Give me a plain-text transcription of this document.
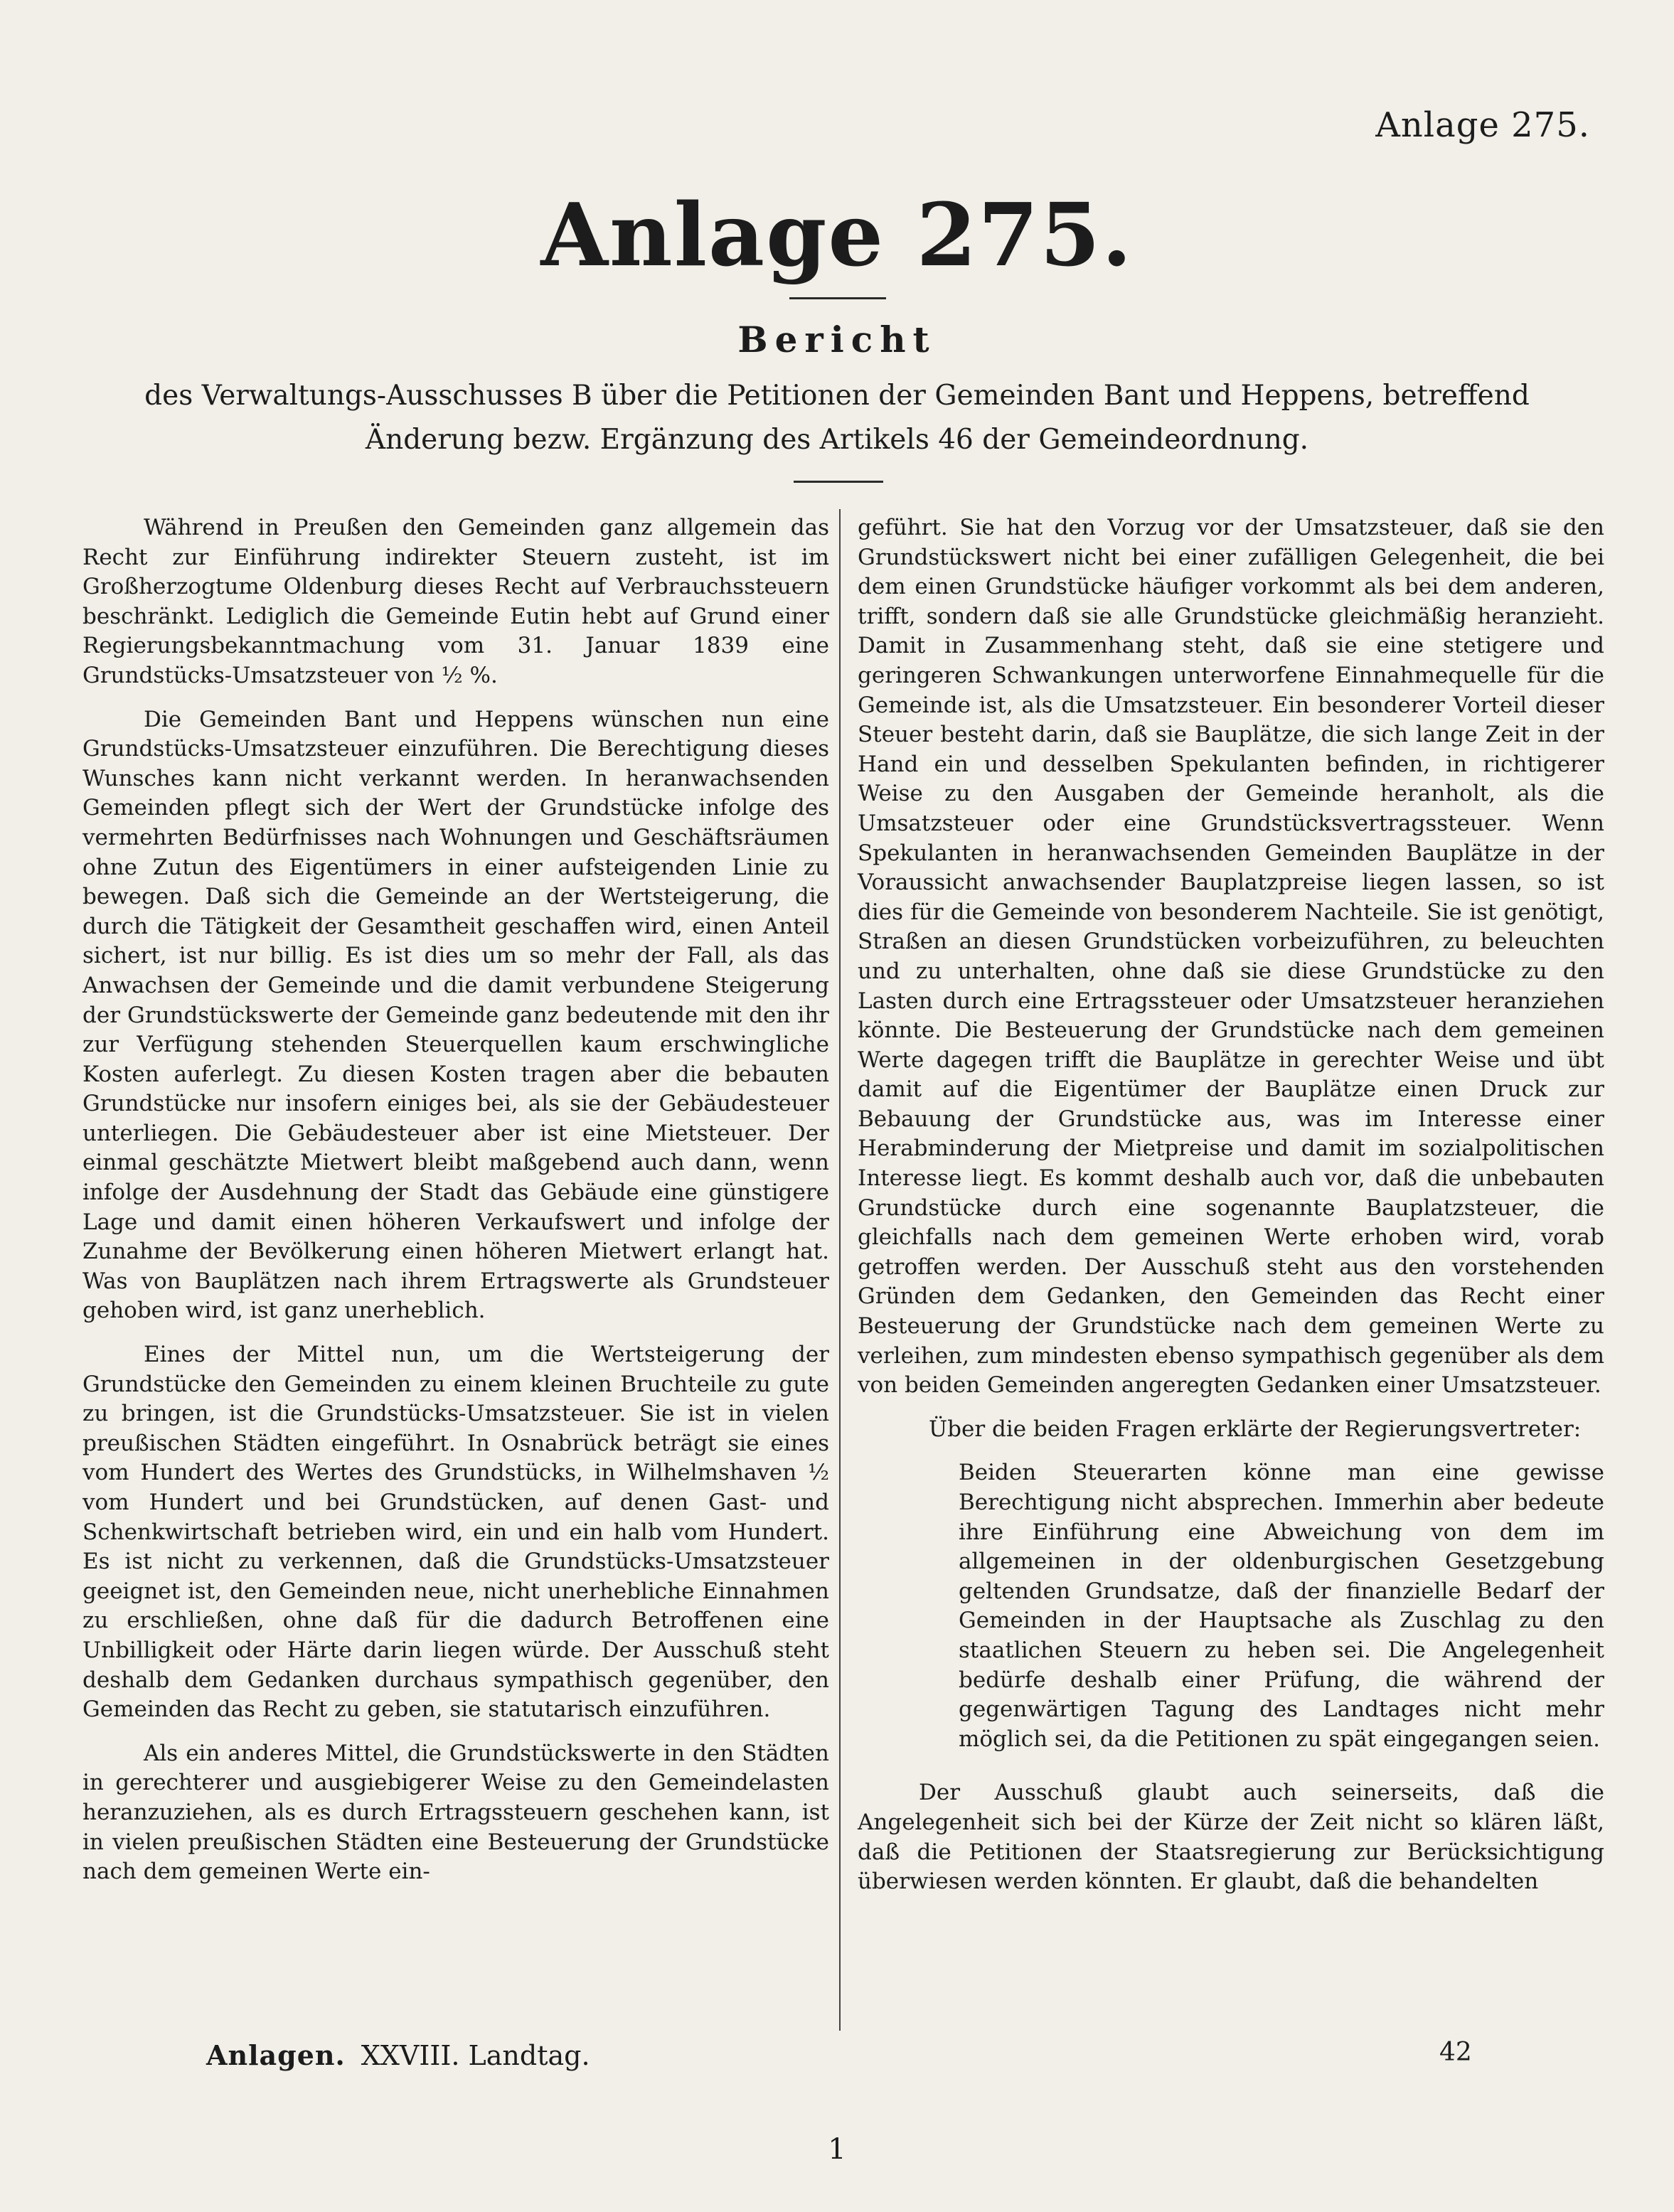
Anlage 275.
Anlage 275.
Bericht
des Verwaltungs-Ausschusses B über die Petitionen der Gemeinden Bant und Heppens, betreffend Änderung bezw. Ergänzung des Artikels 46 der Gemeindeordnung.

Während in Preußen den Gemeinden ganz allgemein das Recht zur Einführung indirekter Steuern zusteht, ist im Großherzogtume Oldenburg dieses Recht auf Verbrauchssteuern beschränkt. Lediglich die Gemeinde Eutin hebt auf Grund einer Regierungsbekanntmachung vom 31. Januar 1839 eine Grundstücks-Umsatzsteuer von ½ %.

Die Gemeinden Bant und Heppens wünschen nun eine Grundstücks-Umsatzsteuer einzuführen. Die Berechtigung dieses Wunsches kann nicht verkannt werden. In heranwachsenden Gemeinden pflegt sich der Wert der Grundstücke infolge des vermehrten Bedürfnisses nach Wohnungen und Geschäftsräumen ohne Zutun des Eigentümers in einer aufsteigenden Linie zu bewegen. Daß sich die Gemeinde an der Wertsteigerung, die durch die Tätigkeit der Gesamtheit geschaffen wird, einen Anteil sichert, ist nur billig. Es ist dies um so mehr der Fall, als das Anwachsen der Gemeinde und die damit verbundene Steigerung der Grundstückswerte der Gemeinde ganz bedeutende mit den ihr zur Verfügung stehenden Steuerquellen kaum erschwingliche Kosten auferlegt. Zu diesen Kosten tragen aber die bebauten Grundstücke nur insofern einiges bei, als sie der Gebäudesteuer unterliegen. Die Gebäudesteuer aber ist eine Mietsteuer. Der einmal geschätzte Mietwert bleibt maßgebend auch dann, wenn infolge der Ausdehnung der Stadt das Gebäude eine günstigere Lage und damit einen höheren Verkaufswert und infolge der Zunahme der Bevölkerung einen höheren Mietwert erlangt hat. Was von Bauplätzen nach ihrem Ertragswerte als Grundsteuer gehoben wird, ist ganz unerheblich.

Eines der Mittel nun, um die Wertsteigerung der Grundstücke den Gemeinden zu einem kleinen Bruchteile zu gute zu bringen, ist die Grundstücks-Umsatzsteuer. Sie ist in vielen preußischen Städten eingeführt. In Osnabrück beträgt sie eines vom Hundert des Wertes des Grundstücks, in Wilhelmshaven ½ vom Hundert und bei Grundstücken, auf denen Gast- und Schenkwirtschaft betrieben wird, ein und ein halb vom Hundert. Es ist nicht zu verkennen, daß die Grundstücks-Umsatzsteuer geeignet ist, den Gemeinden neue, nicht unerhebliche Einnahmen zu erschließen, ohne daß für die dadurch Betroffenen eine Unbilligkeit oder Härte darin liegen würde. Der Ausschuß steht deshalb dem Gedanken durchaus sympathisch gegenüber, den Gemeinden das Recht zu geben, sie statutarisch einzuführen.

Als ein anderes Mittel, die Grundstückswerte in den Städten in gerechterer und ausgiebigerer Weise zu den Gemeindelasten heranzuziehen, als es durch Ertragssteuern geschehen kann, ist in vielen preußischen Städten eine Besteuerung der Grundstücke nach dem gemeinen Werte ein-

geführt. Sie hat den Vorzug vor der Umsatzsteuer, daß sie den Grundstückswert nicht bei einer zufälligen Gelegenheit, die bei dem einen Grundstücke häufiger vorkommt als bei dem anderen, trifft, sondern daß sie alle Grundstücke gleichmäßig heranzieht. Damit in Zusammenhang steht, daß sie eine stetigere und geringeren Schwankungen unterworfene Einnahmequelle für die Gemeinde ist, als die Umsatzsteuer. Ein besonderer Vorteil dieser Steuer besteht darin, daß sie Bauplätze, die sich lange Zeit in der Hand ein und desselben Spekulanten befinden, in richtigerer Weise zu den Ausgaben der Gemeinde heranholt, als die Umsatzsteuer oder eine Grundstücksvertragssteuer. Wenn Spekulanten in heranwachsenden Gemeinden Bauplätze in der Voraussicht anwachsender Bauplatzpreise liegen lassen, so ist dies für die Gemeinde von besonderem Nachteile. Sie ist genötigt, Straßen an diesen Grundstücken vorbeizuführen, zu beleuchten und zu unterhalten, ohne daß sie diese Grundstücke zu den Lasten durch eine Ertragssteuer oder Umsatzsteuer heranziehen könnte. Die Besteuerung der Grundstücke nach dem gemeinen Werte dagegen trifft die Bauplätze in gerechter Weise und übt damit auf die Eigentümer der Bauplätze einen Druck zur Bebauung der Grundstücke aus, was im Interesse einer Herabminderung der Mietpreise und damit im sozialpolitischen Interesse liegt. Es kommt deshalb auch vor, daß die unbebauten Grundstücke durch eine sogenannte Bauplatzsteuer, die gleichfalls nach dem gemeinen Werte erhoben wird, vorab getroffen werden. Der Ausschuß steht aus den vorstehenden Gründen dem Gedanken, den Gemeinden das Recht einer Besteuerung der Grundstücke nach dem gemeinen Werte zu verleihen, zum mindesten ebenso sympathisch gegenüber als dem von beiden Gemeinden angeregten Gedanken einer Umsatzsteuer.

Über die beiden Fragen erklärte der Regierungsvertreter:

Beiden Steuerarten könne man eine gewisse Berechtigung nicht absprechen. Immerhin aber bedeute ihre Einführung eine Abweichung von dem im allgemeinen in der oldenburgischen Gesetzgebung geltenden Grundsatze, daß der finanzielle Bedarf der Gemeinden in der Hauptsache als Zuschlag zu den staatlichen Steuern zu heben sei. Die Angelegenheit bedürfe deshalb einer Prüfung, die während der gegenwärtigen Tagung des Landtages nicht mehr möglich sei, da die Petitionen zu spät eingegangen seien.

Der Ausschuß glaubt auch seinerseits, daß die Angelegenheit sich bei der Kürze der Zeit nicht so klären läßt, daß die Petitionen der Staatsregierung zur Berücksichtigung überwiesen werden könnten. Er glaubt, daß die behandelten

Anlagen. XXVIII. Landtag.	42
1
